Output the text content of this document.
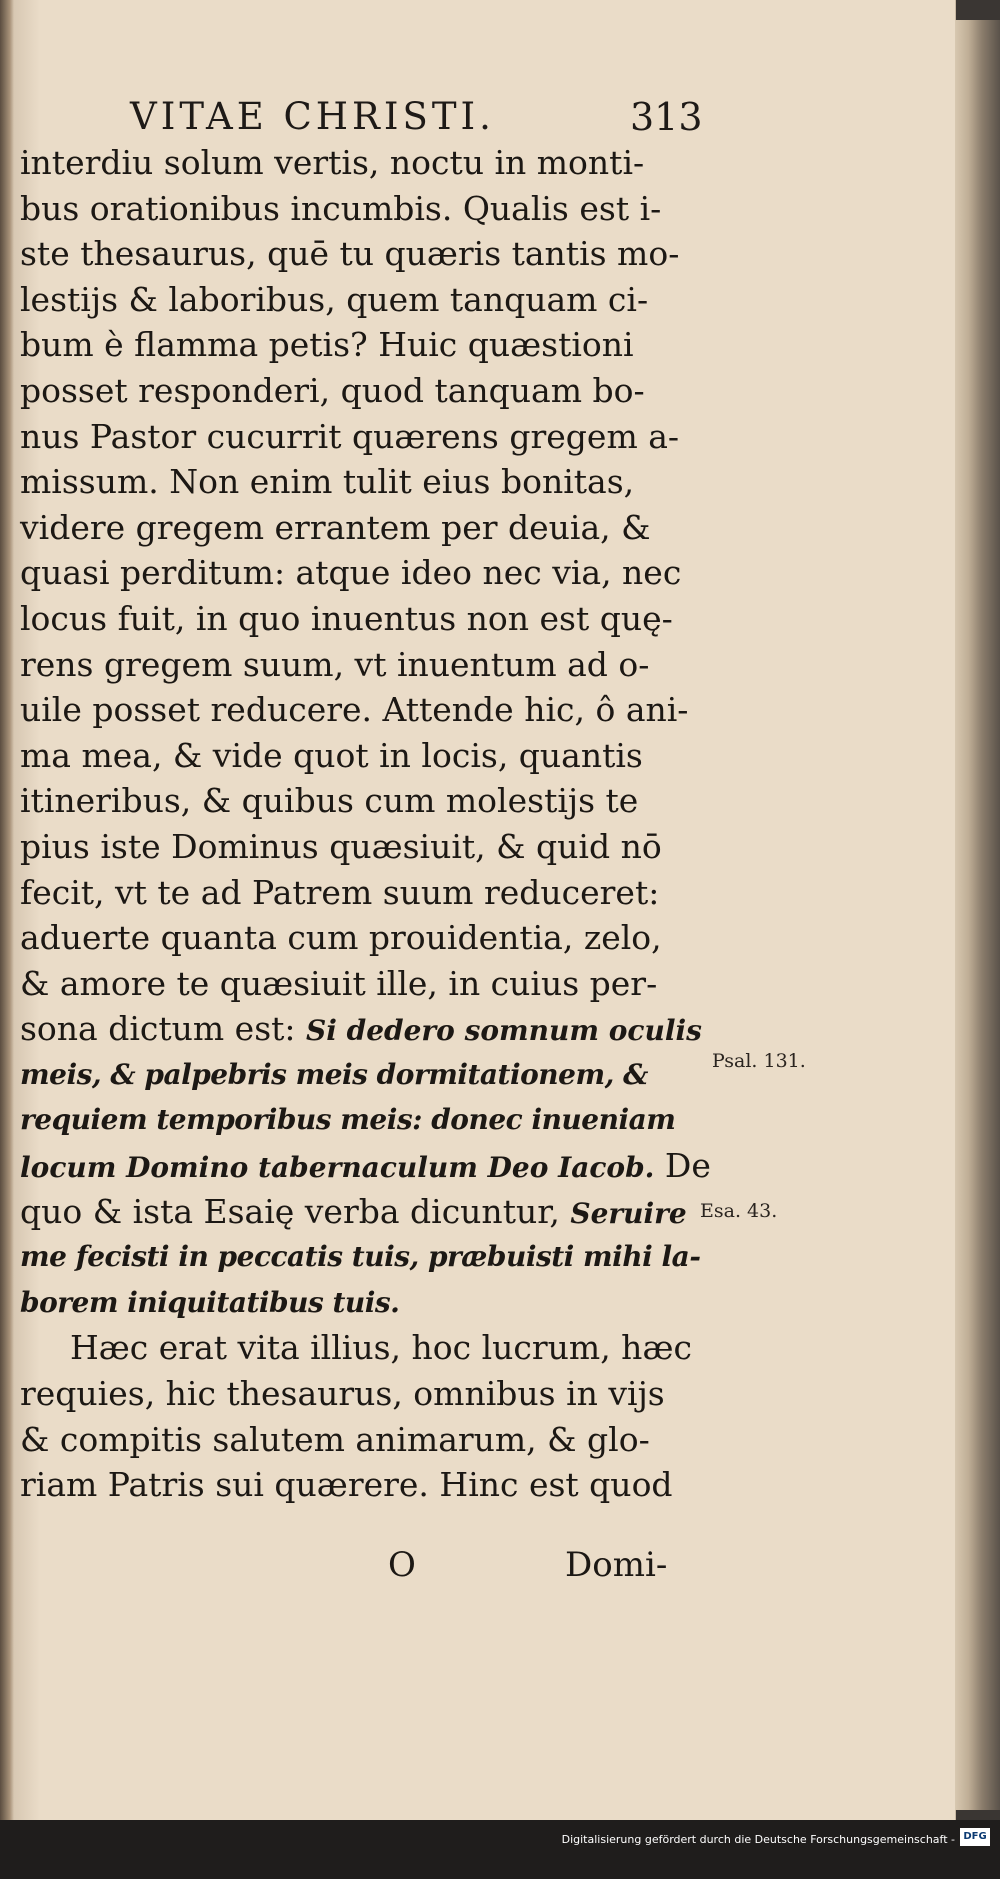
VITAE CHRISTI.	313
interdiu solum vertis, noctu in monti-
bus orationibus incumbis. Qualis est i-
ste thesaurus, quē tu quæris tantis mo-
lestijs & laboribus, quem tanquam ci-
bum è flamma petis? Huic quæstioni
posset responderi, quod tanquam bo-
nus Pastor cucurrit quærens gregem a-
missum. Non enim tulit eius bonitas,
videre gregem errantem per deuia, &
quasi perditum: atque ideo nec via, nec
locus fuit, in quo inuentus non est quę-
rens gregem suum, vt inuentum ad o-
uile posset reducere. Attende hic, ô ani-
ma mea, & vide quot in locis, quantis
itineribus, & quibus cum molestijs te
pius iste Dominus quæsiuit, & quid nō
fecit, vt te ad Patrem suum reduceret:
aduerte quanta cum prouidentia, zelo,
& amore te quæsiuit ille, in cuius per-
sona dictum est: Si dedero somnum oculis
meis, & palpebris meis dormitationem, &
requiem temporibus meis: donec inueniam
locum Domino tabernaculum Deo Iacob. De
quo & ista Esaię verba dicuntur, Seruire
me fecisti in peccatis tuis, præbuisti mihi la-
borem iniquitatibus tuis.
Hæc erat vita illius, hoc lucrum, hæc
requies, hic thesaurus, omnibus in vijs
& compitis salutem animarum, & glo-
riam Patris sui quærere. Hinc est quod
Psal. 131.
Esa. 43.
O	Domi-
Digitalisierung gefördert durch die Deutsche Forschungsgemeinschaft - DFG
